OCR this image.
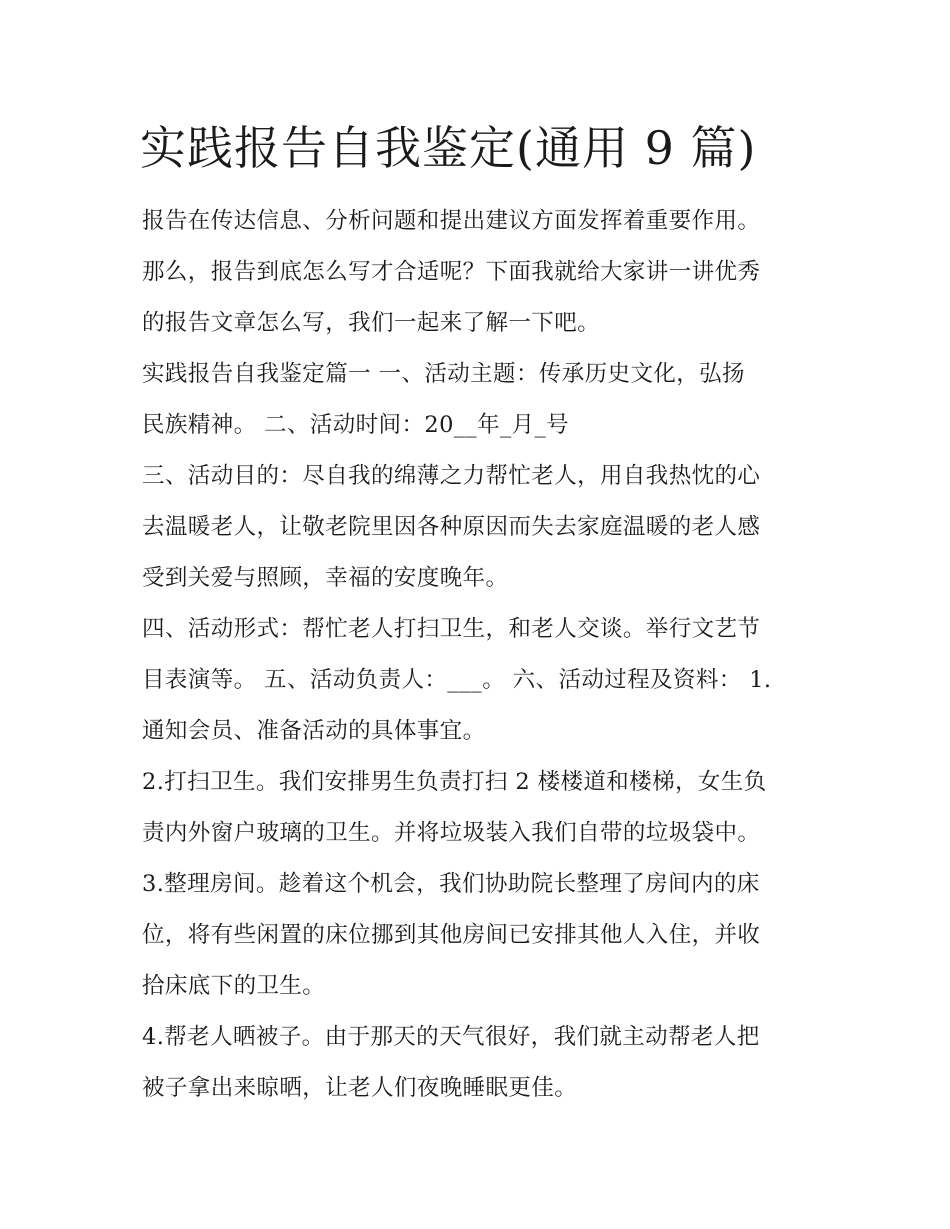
实践报告自我鉴定(通用 9 篇)
报告在传达信息、分析问题和提出建议方面发挥着重要作用。
那么，报告到底怎么写才合适呢？下面我就给大家讲一讲优秀
的报告文章怎么写，我们一起来了解一下吧。
实践报告自我鉴定篇一 一、活动主题：传承历史文化，弘扬
民族精神。 二、活动时间：20__年_月_号
三、活动目的：尽自我的绵薄之力帮忙老人，用自我热忱的心
去温暖老人，让敬老院里因各种原因而失去家庭温暖的老人感
受到关爱与照顾，幸福的安度晚年。
四、活动形式：帮忙老人打扫卫生，和老人交谈。举行文艺节
目表演等。 五、活动负责人：___。 六、活动过程及资料： 1.
通知会员、准备活动的具体事宜。
2.打扫卫生。我们安排男生负责打扫 2 楼楼道和楼梯，女生负
责内外窗户玻璃的卫生。并将垃圾装入我们自带的垃圾袋中。
3.整理房间。趁着这个机会，我们协助院长整理了房间内的床
位，将有些闲置的床位挪到其他房间已安排其他人入住，并收
拾床底下的卫生。
4.帮老人晒被子。由于那天的天气很好，我们就主动帮老人把
被子拿出来晾晒，让老人们夜晚睡眠更佳。
